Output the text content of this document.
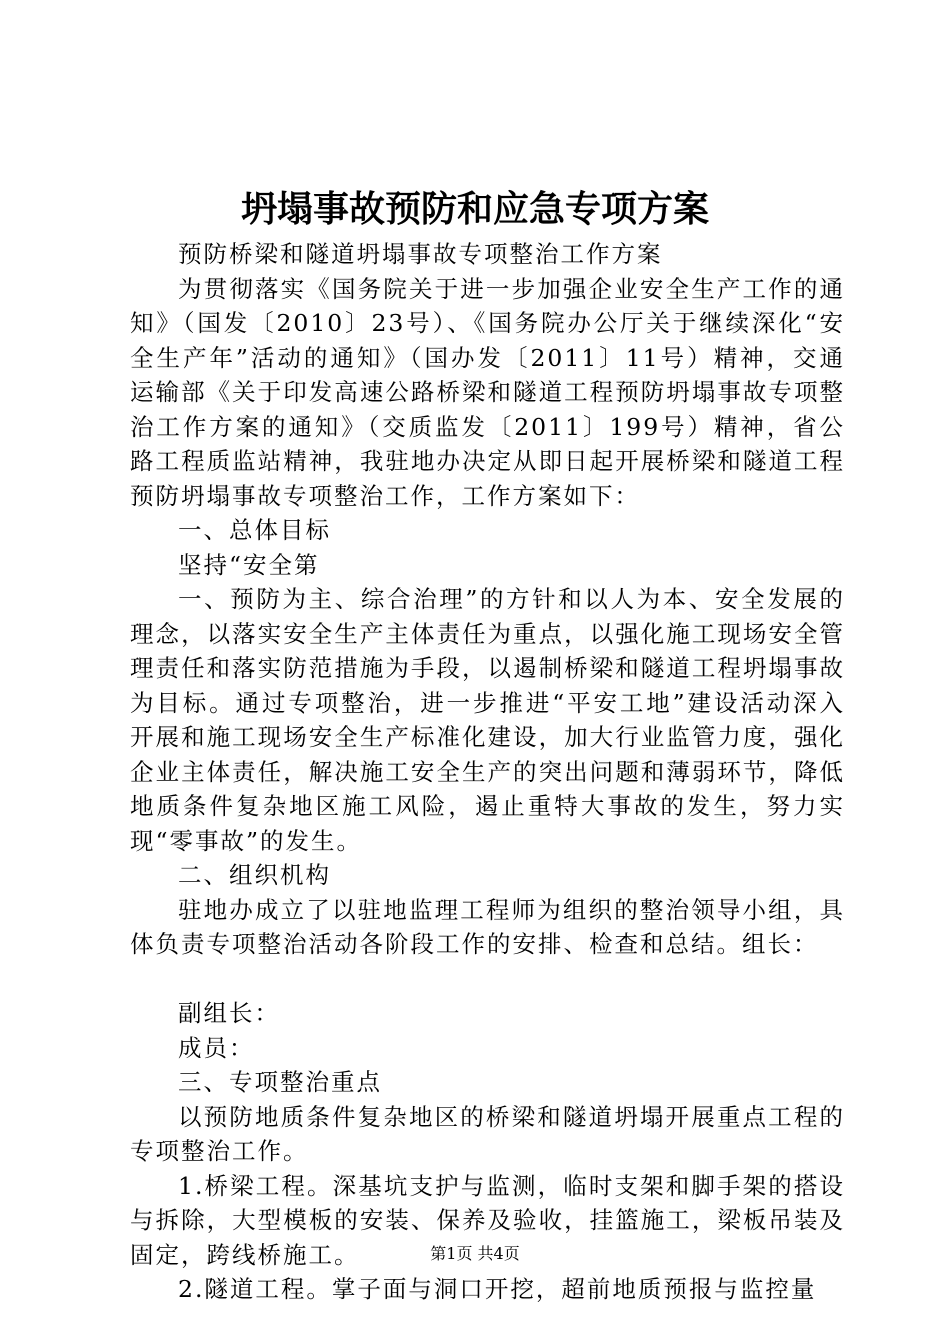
坍塌事故预防和应急专项方案

预防桥梁和隧道坍塌事故专项整治工作方案

为贯彻落实《国务院关于进一步加强企业安全生产工作的通知》（国发〔2010〕23号）、《国务院办公厅关于继续深化“安全生产年”活动的通知》（国办发〔2011〕11号）精神，交通运输部《关于印发高速公路桥梁和隧道工程预防坍塌事故专项整治工作方案的通知》（交质监发〔2011〕199号）精神，省公路工程质监站精神，我驻地办决定从即日起开展桥梁和隧道工程预防坍塌事故专项整治工作，工作方案如下：

一、总体目标

坚持“安全第

一、预防为主、综合治理”的方针和以人为本、安全发展的理念，以落实安全生产主体责任为重点，以强化施工现场安全管理责任和落实防范措施为手段，以遏制桥梁和隧道工程坍塌事故为目标。通过专项整治，进一步推进“平安工地”建设活动深入开展和施工现场安全生产标准化建设，加大行业监管力度，强化企业主体责任，解决施工安全生产的突出问题和薄弱环节，降低地质条件复杂地区施工风险，遏止重特大事故的发生，努力实现“零事故”的发生。

二、组织机构

驻地办成立了以驻地监理工程师为组织的整治领导小组，具体负责专项整治活动各阶段工作的安排、检查和总结。组长：

副组长：

成员：

三、专项整治重点

以预防地质条件复杂地区的桥梁和隧道坍塌开展重点工程的专项整治工作。

1.桥梁工程。深基坑支护与监测，临时支架和脚手架的搭设与拆除，大型模板的安装、保养及验收，挂篮施工，梁板吊装及固定，跨线桥施工。

2.隧道工程。掌子面与洞口开挖，超前地质预报与监控量

第1页 共4页
